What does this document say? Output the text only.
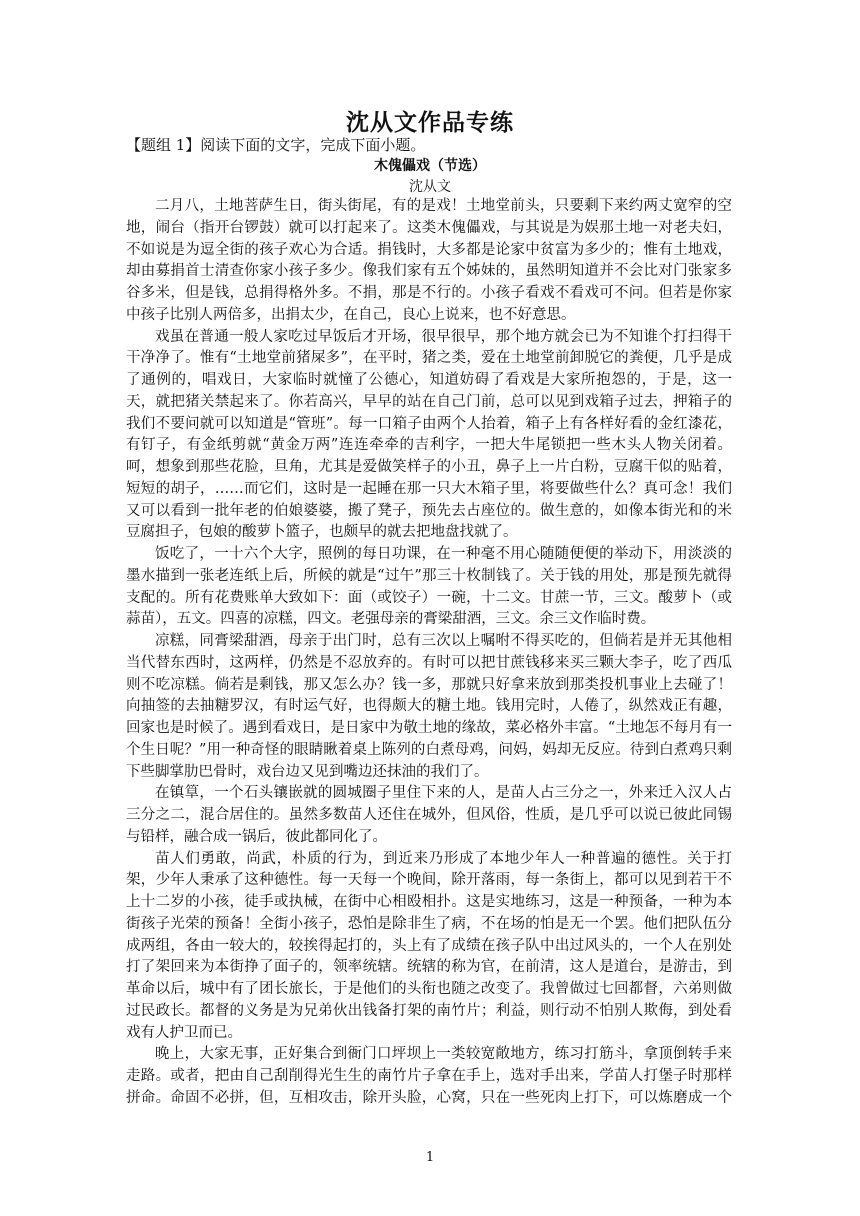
沈从文作品专练
【题组 1】阅读下面的文字，完成下面小题。
木傀儡戏（节选）
沈从文

二月八，土地菩萨生日，街头街尾，有的是戏！土地堂前头，只要剩下来约两丈宽窄的空地，闹台（指开台锣鼓）就可以打起来了。这类木傀儡戏，与其说是为娱那土地一对老夫妇，不如说是为逗全街的孩子欢心为合适。捐钱时，大多都是论家中贫富为多少的；惟有土地戏，却由募捐首士清查你家小孩子多少。像我们家有五个姊妹的，虽然明知道并不会比对门张家多谷多米，但是钱，总捐得格外多。不捐，那是不行的。小孩子看戏不看戏可不问。但若是你家中孩子比别人两倍多，出捐太少，在自己，良心上说来，也不好意思。

戏虽在普通一般人家吃过早饭后才开场，很早很早，那个地方就会已为不知谁个打扫得干干净净了。惟有“土地堂前猪屎多”，在平时，猪之类，爱在土地堂前卸脱它的粪便，几乎是成了通例的，唱戏日，大家临时就憧了公德心，知道妨碍了看戏是大家所抱怨的，于是，这一天，就把猪关禁起来了。你若高兴，早早的站在自己门前，总可以见到戏箱子过去，押箱子的我们不要问就可以知道是“管班”。每一口箱子由两个人抬着，箱子上有各样好看的金红漆花，有钉子，有金纸剪就“黄金万两”连连牵牵的吉利字，一把大牛尾锁把一些木头人物关闭着。呵，想象到那些花脸，旦角，尤其是爱做笑样子的小丑，鼻子上一片白粉，豆腐干似的贴着，短短的胡子，……而它们，这时是一起睡在那一只大木箱子里，将要做些什么？真可念！我们又可以看到一批年老的伯娘婆婆，搬了凳子，预先去占座位的。做生意的，如像本街光和的米豆腐担子，包娘的酸萝卜篮子，也颇早的就去把地盘找就了。

饭吃了，一十六个大字，照例的每日功课，在一种毫不用心随随便便的举动下，用淡淡的墨水描到一张老连纸上后，所候的就是“过午”那三十枚制钱了。关于钱的用处，那是预先就得支配的。所有花费账单大致如下：面（或饺子）一碗，十二文。甘蔗一节，三文。酸萝卜（或蒜苗），五文。四喜的凉糕，四文。老强母亲的膏梁甜酒，三文。余三文作临时费。

凉糕，同膏梁甜酒，母亲于出门时，总有三次以上嘱咐不得买吃的，但倘若是并无其他相当代替东西时，这两样，仍然是不忍放弃的。有时可以把甘蔗钱移来买三颗大李子，吃了西瓜则不吃凉糕。倘若是剩钱，那又怎么办？钱一多，那就只好拿来放到那类投机事业上去碰了！向抽签的去抽糖罗汉，有时运气好，也得颇大的糖土地。钱用完时，人倦了，纵然戏正有趣，回家也是时候了。遇到看戏日，是日家中为敬土地的缘故，菜必格外丰富。“土地怎不每月有一个生日呢？”用一种奇怪的眼睛瞅着桌上陈列的白煮母鸡，问妈，妈却无反应。待到白煮鸡只剩下些脚掌肋巴骨时，戏台边又见到嘴边还抹油的我们了。

在镇筸，一个石头镶嵌就的圆城圈子里住下来的人，是苗人占三分之一，外来迁入汉人占三分之二，混合居住的。虽然多数苗人还住在城外，但风俗，性质，是几乎可以说已彼此同锡与铅样，融合成一锅后，彼此都同化了。

苗人们勇敢，尚武，朴质的行为，到近来乃形成了本地少年人一种普遍的德性。关于打架，少年人秉承了这种德性。每一天每一个晚间，除开落雨，每一条街上，都可以见到若干不上十二岁的小孩，徒手或执械，在街中心相殴相扑。这是实地练习，这是一种预备，一种为本街孩子光荣的预备！全街小孩子，恐怕是除非生了病，不在场的怕是无一个罢。他们把队伍分成两组，各由一较大的，较挨得起打的，头上有了成绩在孩子队中出过风头的，一个人在别处打了架回来为本街挣了面子的，领率统辖。统辖的称为官，在前清，这人是道台，是游击，到革命以后，城中有了团长旅长，于是他们的头衔也随之改变了。我曾做过七回都督，六弟则做过民政长。都督的义务是为兄弟伙出钱备打架的南竹片；利益，则行动不怕别人欺侮，到处看戏有人护卫而已。

晚上，大家无事，正好集合到衙门口坪坝上一类较宽敞地方，练习打筋斗，拿顶倒转手来走路。或者，把由自己刮削得光生生的南竹片子拿在手上，选对手出来，学苗人打堡子时那样拼命。命固不必拼，但，互相攻击，除开头脸，心窝，只在一些死肉上打下，可以炼磨成一个

1
